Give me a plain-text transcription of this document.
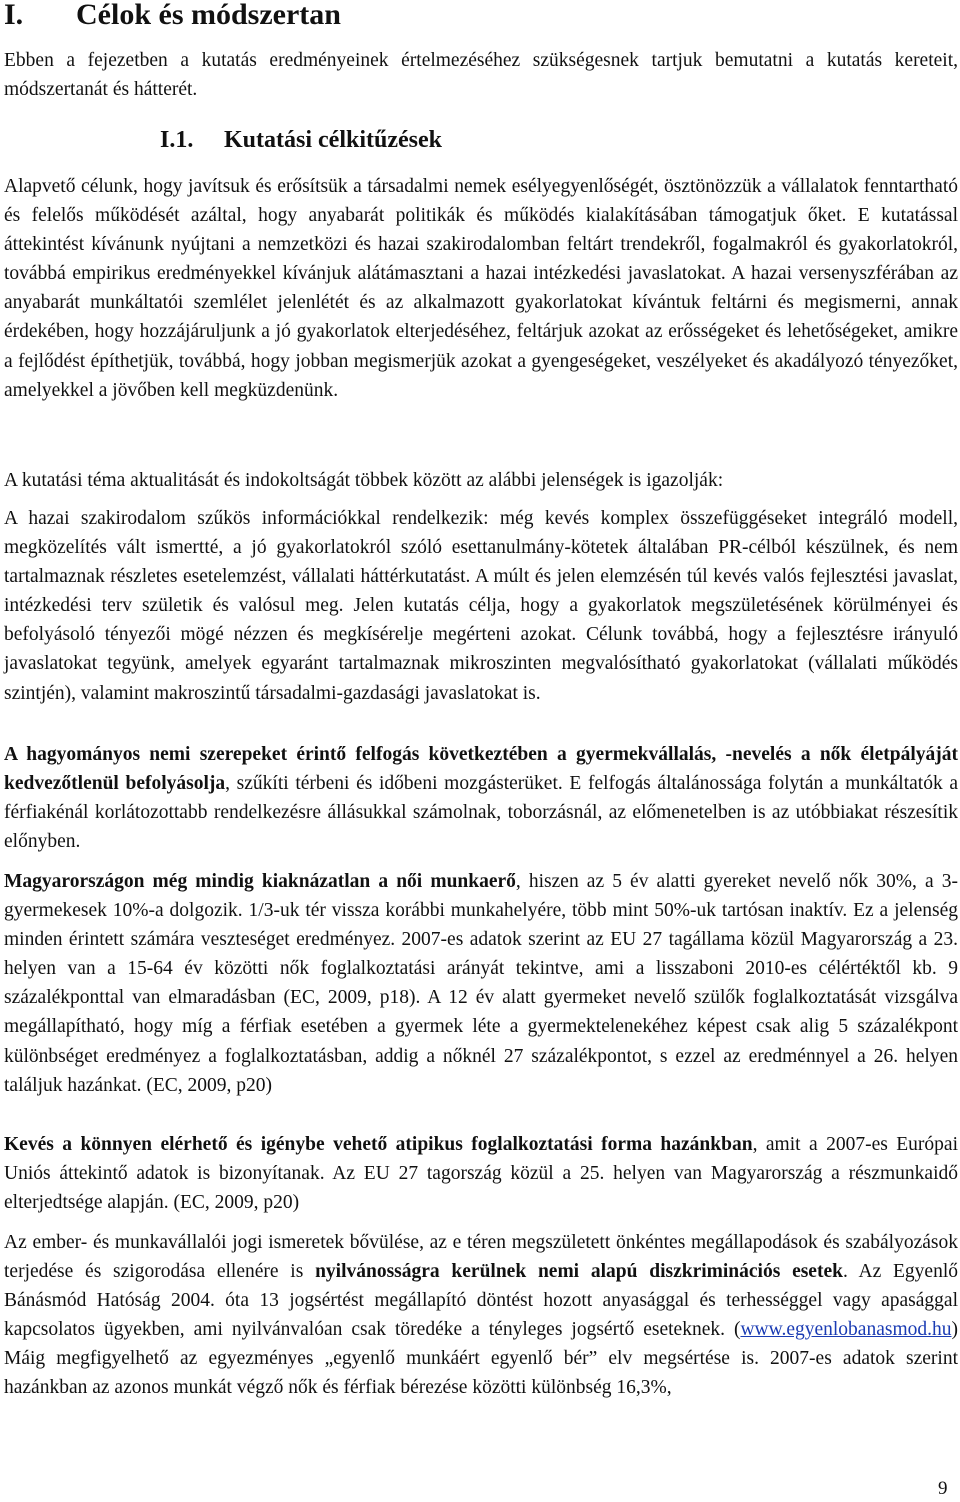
I. Célok és módszertan

Ebben a fejezetben a kutatás eredményeinek értelmezéséhez szükségesnek tartjuk bemutatni a kutatás kereteit, módszertanát és hátterét.

I.1. Kutatási célkitűzések

Alapvető célunk, hogy javítsuk és erősítsük a társadalmi nemek esélyegyenlőségét, ösztönözzük a vállalatok fenntartható és felelős működését azáltal, hogy anyabarát politikák és működés kialakításában támogatjuk őket. E kutatással áttekintést kívánunk nyújtani a nemzetközi és hazai szakirodalomban feltárt trendekről, fogalmakról és gyakorlatokról, továbbá empirikus eredményekkel kívánjuk alátámasztani a hazai intézkedési javaslatokat. A hazai versenyszférában az anyabarát munkáltatói szemlélet jelenlétét és az alkalmazott gyakorlatokat kívántuk feltárni és megismerni, annak érdekében, hogy hozzájáruljunk a jó gyakorlatok elterjedéséhez, feltárjuk azokat az erősségeket és lehetőségeket, amikre a fejlődést építhetjük, továbbá, hogy jobban megismerjük azokat a gyengeségeket, veszélyeket és akadályozó tényezőket, amelyekkel a jövőben kell megküzdenünk.

A kutatási téma aktualitását és indokoltságát többek között az alábbi jelenségek is igazolják:

A hazai szakirodalom szűkös információkkal rendelkezik: még kevés komplex összefüggéseket integráló modell, megközelítés vált ismertté, a jó gyakorlatokról szóló esettanulmány-kötetek általában PR-célból készülnek, és nem tartalmaznak részletes esetelemzést, vállalati háttérkutatást. A múlt és jelen elemzésén túl kevés valós fejlesztési javaslat, intézkedési terv születik és valósul meg. Jelen kutatás célja, hogy a gyakorlatok megszületésének körülményei és befolyásoló tényezői mögé nézzen és megkísérelje megérteni azokat. Célunk továbbá, hogy a fejlesztésre irányuló javaslatokat tegyünk, amelyek egyaránt tartalmaznak mikroszinten megvalósítható gyakorlatokat (vállalati működés szintjén), valamint makroszintű társadalmi-gazdasági javaslatokat is.

A hagyományos nemi szerepeket érintő felfogás következtében a gyermekvállalás, -nevelés a nők életpályáját kedvezőtlenül befolyásolja, szűkíti térbeni és időbeni mozgásterüket. E felfogás általánossága folytán a munkáltatók a férfiakénál korlátozottabb rendelkezésre állásukkal számolnak, toborzásnál, az előmenetelben is az utóbbiakat részesítik előnyben.

Magyarországon még mindig kiaknázatlan a női munkaerő, hiszen az 5 év alatti gyereket nevelő nők 30%, a 3-gyermekesek 10%-a dolgozik. 1/3-uk tér vissza korábbi munkahelyére, több mint 50%-uk tartósan inaktív. Ez a jelenség minden érintett számára veszteséget eredményez. 2007-es adatok szerint az EU 27 tagállama közül Magyarország a 23. helyen van a 15-64 év közötti nők foglalkoztatási arányát tekintve, ami a lisszaboni 2010-es célértéktől kb. 9 százalékponttal van elmaradásban (EC, 2009, p18). A 12 év alatt gyermeket nevelő szülők foglalkoztatását vizsgálva megállapítható, hogy míg a férfiak esetében a gyermek léte a gyermektelenekéhez képest csak alig 5 százalékpont különbséget eredményez a foglalkoztatásban, addig a nőknél 27 százalékpontot, s ezzel az eredménnyel a 26. helyen találjuk hazánkat. (EC, 2009, p20)

Kevés a könnyen elérhető és igénybe vehető atipikus foglalkoztatási forma hazánkban, amit a 2007-es Európai Uniós áttekintő adatok is bizonyítanak. Az EU 27 tagország közül a 25. helyen van Magyarország a részmunkaidő elterjedtsége alapján. (EC, 2009, p20)

Az ember- és munkavállalói jogi ismeretek bővülése, az e téren megszületett önkéntes megállapodások és szabályozások terjedése és szigorodása ellenére is nyilvánosságra kerülnek nemi alapú diszkriminációs esetek. Az Egyenlő Bánásmód Hatóság 2004. óta 13 jogsértést megállapító döntést hozott anyasággal és terhességgel vagy apasággal kapcsolatos ügyekben, ami nyilvánvalóan csak töredéke a tényleges jogsértő eseteknek. (www.egyenlobanasmod.hu) Máig megfigyelhető az egyezményes „egyenlő munkáért egyenlő bér” elv megsértése is. 2007-es adatok szerint hazánkban az azonos munkát végző nők és férfiak bérezése közötti különbség 16,3%,

9
